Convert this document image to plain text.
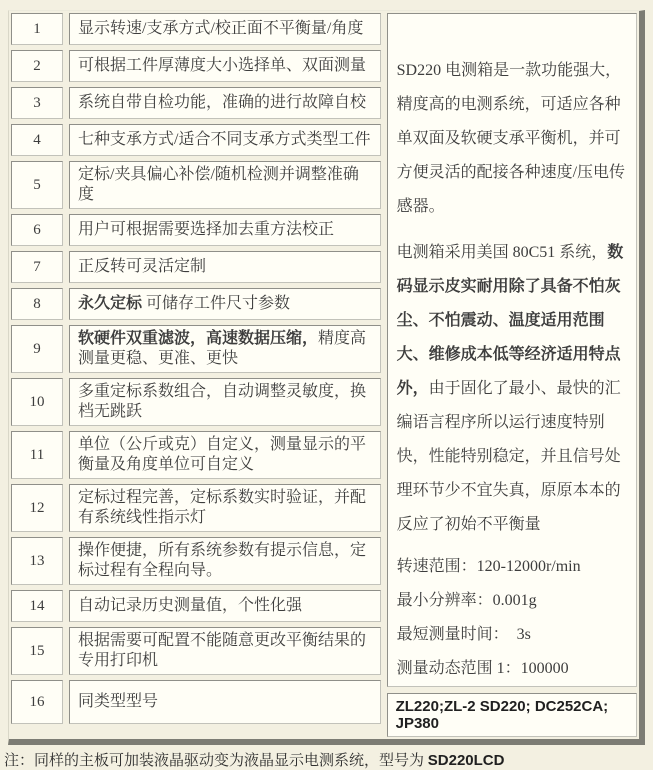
1 显示转速/支承方式/校正面不平衡量/角度
2 可根据工件厚薄度大小选择单、双面测量
3 系统自带自检功能，准确的进行故障自校
4 七种支承方式/适合不同支承方式类型工件
5
定标/夹具偏心补偿/随机检测并调整准确度
6 用户可根据需要选择加去重方法校正
7 正反转可灵活定制
8 永久定标 可储存工件尺寸参数
9
软硬件双重滤波，高速数据压缩，精度高测量更稳、更准、更快
10
多重定标系数组合，自动调整灵敏度，换档无跳跃
11
单位（公斤或克）自定义，测量显示的平衡量及角度单位可自定义
12
定标过程完善，定标系数实时验证，并配有系统线性指示灯
13
操作便捷，所有系统参数有提示信息，定标过程有全程向导。
14 自动记录历史测量值，个性化强
15
根据需要可配置不能随意更改平衡结果的专用打印机
16 同类型型号

SD220 电测箱是一款功能强大，精度高的电测系统，可适应各种单双面及软硬支承平衡机，并可方便灵活的配接各种速度/压电传感器。

电测箱采用美国 80C51 系统，数码显示皮实耐用除了具备不怕灰尘、不怕震动、温度适用范围大、维修成本低等经济适用特点外，由于固化了最小、最快的汇编语言程序所以运行速度特别快，性能特别稳定，并且信号处理环节少不宜失真，原原本本的反应了初始不平衡量

转速范围：120-12000r/min
最小分辨率：0.001g
最短测量时间：  3s
测量动态范围 1：100000
ZL220;ZL-2 SD220; DC252CA; JP380
注：同样的主板可加装液晶驱动变为液晶显示电测系统，型号为 SD220LCD
